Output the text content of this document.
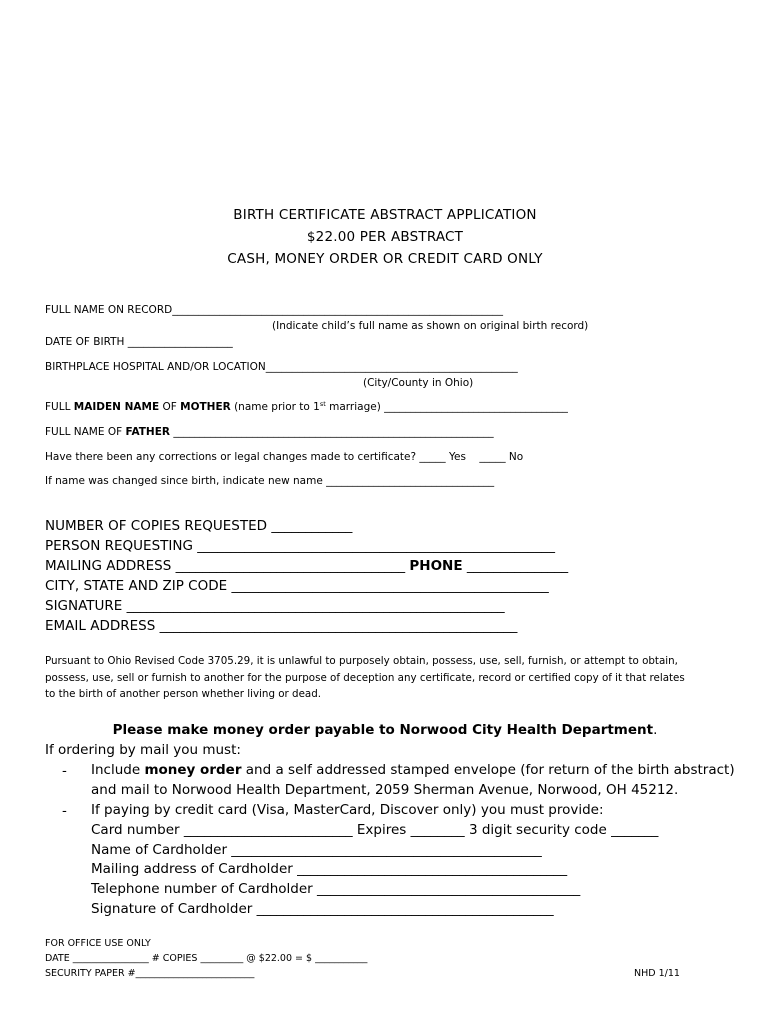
BIRTH CERTIFICATE ABSTRACT APPLICATION
$22.00 PER ABSTRACT
CASH, MONEY ORDER OR CREDIT CARD ONLY
FULL NAME ON RECORD_______________________________________________________________
(Indicate child’s full name as shown on original birth record)
DATE OF BIRTH ____________________
BIRTHPLACE HOSPITAL AND/OR LOCATION________________________________________________
(City/County in Ohio)
FULL MAIDEN NAME OF MOTHER (name prior to 1st marriage) ___________________________________
FULL NAME OF FATHER _____________________________________________________________
Have there been any corrections or legal changes made to certificate? _____ Yes _____ No
If name was changed since birth, indicate new name ________________________________
NUMBER OF COPIES REQUESTED ____________
PERSON REQUESTING _____________________________________________________
MAILING ADDRESS __________________________________ PHONE _______________
CITY, STATE AND ZIP CODE _______________________________________________
SIGNATURE ________________________________________________________
EMAIL ADDRESS _____________________________________________________
Pursuant to Ohio Revised Code 3705.29, it is unlawful to purposely obtain, possess, use, sell, furnish, or attempt to obtain,
possess, use, sell or furnish to another for the purpose of deception any certificate, record or certified copy of it that relates
to the birth of another person whether living or dead.
Please make money order payable to Norwood City Health Department.
If ordering by mail you must:
- Include money order and a self addressed stamped envelope (for return of the birth abstract)
and mail to Norwood Health Department, 2059 Sherman Avenue, Norwood, OH 45212.
- If paying by credit card (Visa, MasterCard, Discover only) you must provide:
Card number _________________________ Expires ________ 3 digit security code _______
Name of Cardholder ______________________________________________
Mailing address of Cardholder ________________________________________
Telephone number of Cardholder _______________________________________
Signature of Cardholder ____________________________________________
FOR OFFICE USE ONLY
DATE ________________ # COPIES _________ @ $22.00 = $ ___________
SECURITY PAPER #_________________________	NHD 1/11
